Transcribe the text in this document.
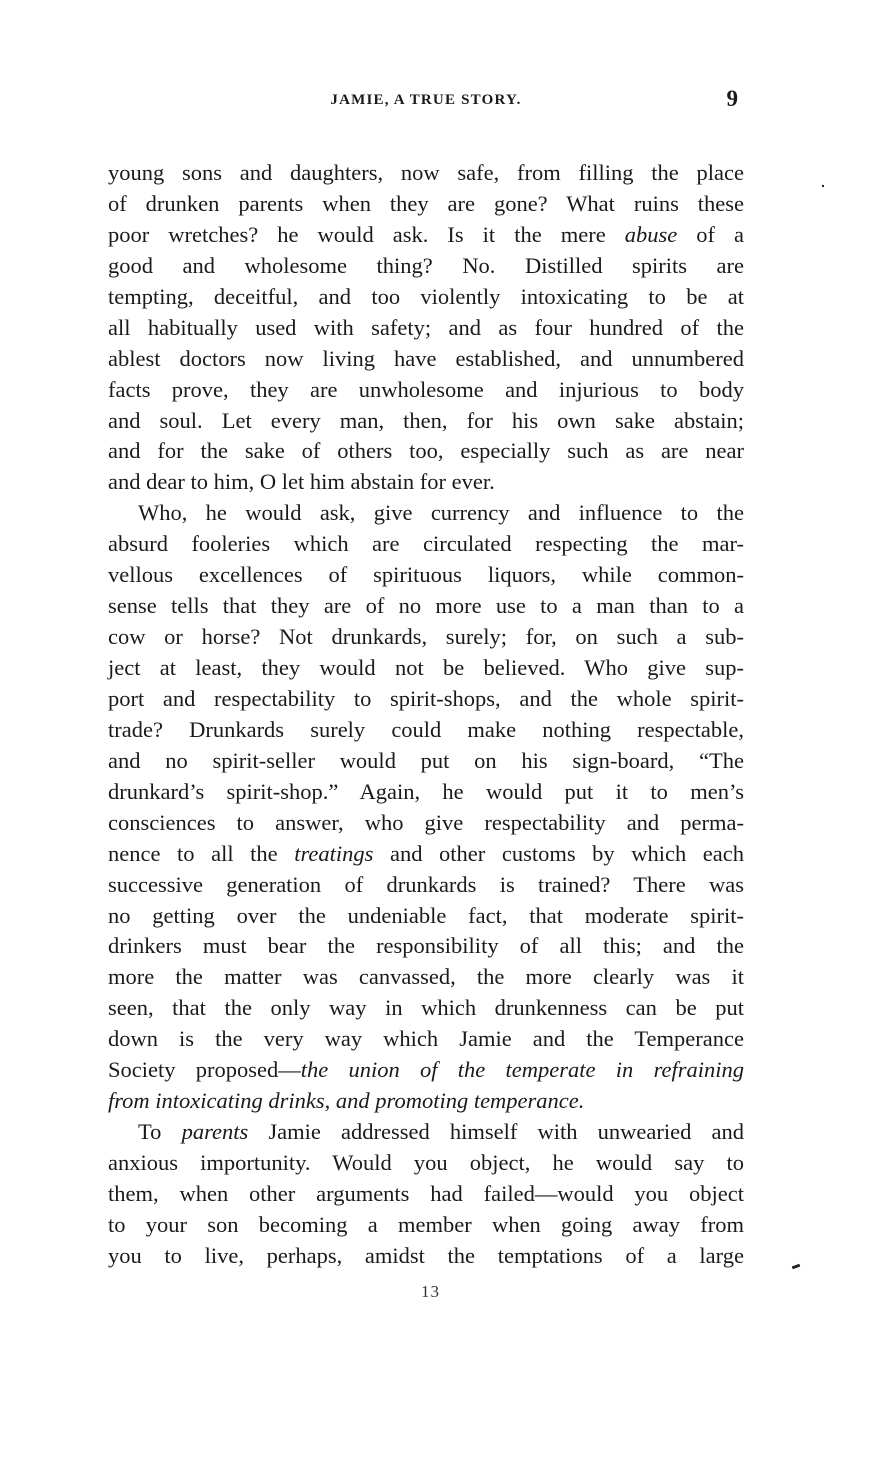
JAMIE, A TRUE STORY.	9
young sons and daughters, now safe, from filling the place
of drunken parents when they are gone? What ruins these
poor wretches? he would ask. Is it the mere abuse of a
good and wholesome thing? No. Distilled spirits are
tempting, deceitful, and too violently intoxicating to be at
all habitually used with safety; and as four hundred of the
ablest doctors now living have established, and unnumbered
facts prove, they are unwholesome and injurious to body
and soul. Let every man, then, for his own sake abstain;
and for the sake of others too, especially such as are near
and dear to him, O let him abstain for ever.
Who, he would ask, give currency and influence to the
absurd fooleries which are circulated respecting the mar-
vellous excellences of spirituous liquors, while common-
sense tells that they are of no more use to a man than to a
cow or horse? Not drunkards, surely; for, on such a sub-
ject at least, they would not be believed. Who give sup-
port and respectability to spirit-shops, and the whole spirit-
trade? Drunkards surely could make nothing respectable,
and no spirit-seller would put on his sign-board, “The
drunkard’s spirit-shop.” Again, he would put it to men’s
consciences to answer, who give respectability and perma-
nence to all the treatings and other customs by which each
successive generation of drunkards is trained? There was
no getting over the undeniable fact, that moderate spirit-
drinkers must bear the responsibility of all this; and the
more the matter was canvassed, the more clearly was it
seen, that the only way in which drunkenness can be put
down is the very way which Jamie and the Temperance
Society proposed—the union of the temperate in refraining
from intoxicating drinks, and promoting temperance.
To parents Jamie addressed himself with unwearied and
anxious importunity. Would you object, he would say to
them, when other arguments had failed—would you object
to your son becoming a member when going away from
you to live, perhaps, amidst the temptations of a large
13
